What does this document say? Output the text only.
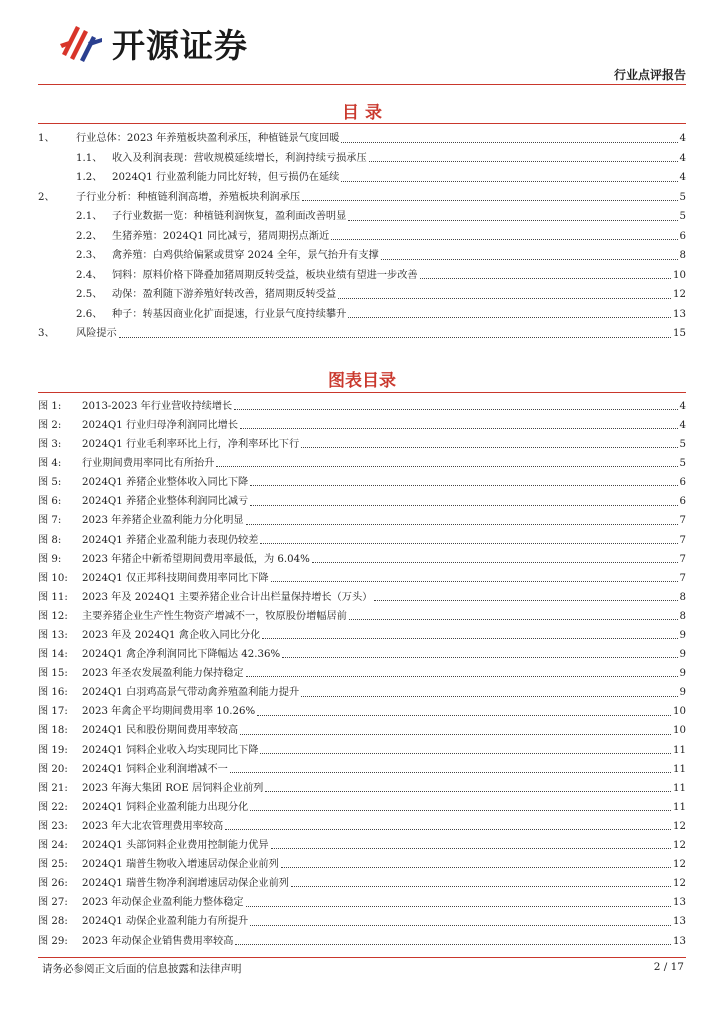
开源证券
行业点评报告
目 录
1、	行业总体：2023 年养殖板块盈利承压，种植链景气度回暖	4
1.1、 收入及利润表现：营收规模延续增长，利润持续亏损承压	4
1.2、 2024Q1 行业盈利能力同比好转，但亏损仍在延续	4
2、	子行业分析：种植链利润高增，养殖板块利润承压	5
2.1、 子行业数据一览：种植链利润恢复，盈利面改善明显	5
2.2、 生猪养殖：2024Q1 同比减亏，猪周期拐点渐近	6
2.3、 禽养殖：白鸡供给偏紧或贯穿 2024 全年，景气抬升有支撑	8
2.4、 饲料：原料价格下降叠加猪周期反转受益，板块业绩有望进一步改善	10
2.5、 动保：盈利随下游养殖好转改善，猪周期反转受益	12
2.6、 种子：转基因商业化扩面提速，行业景气度持续攀升	13
3、	风险提示	15
图表目录
图 1:	2013-2023 年行业营收持续增长	4
图 2:	2024Q1 行业归母净利润同比增长	4
图 3:	2024Q1 行业毛利率环比上行，净利率环比下行	5
图 4:	行业期间费用率同比有所抬升	5
图 5:	2024Q1 养猪企业整体收入同比下降	6
图 6:	2024Q1 养猪企业整体利润同比减亏	6
图 7:	2023 年养猪企业盈利能力分化明显	7
图 8:	2024Q1 养猪企业盈利能力表现仍较差	7
图 9:	2023 年猪企中新希望期间费用率最低，为 6.04%	7
图 10:	2024Q1 仅正邦科技期间费用率同比下降	7
图 11:	2023 年及 2024Q1 主要养猪企业合计出栏量保持增长（万头）	8
图 12:	主要养猪企业生产性生物资产增减不一，牧原股份增幅居前	8
图 13:	2023 年及 2024Q1 禽企收入同比分化	9
图 14:	2024Q1 禽企净利润同比下降幅达 42.36%	9
图 15:	2023 年圣农发展盈利能力保持稳定	9
图 16:	2024Q1 白羽鸡高景气带动禽养殖盈利能力提升	9
图 17:	2023 年禽企平均期间费用率 10.26%	10
图 18:	2024Q1 民和股份期间费用率较高	10
图 19:	2024Q1 饲料企业收入均实现同比下降	11
图 20:	2024Q1 饲料企业利润增减不一	11
图 21:	2023 年海大集团 ROE 居饲料企业前列	11
图 22:	2024Q1 饲料企业盈利能力出现分化	11
图 23:	2023 年大北农管理费用率较高	12
图 24:	2024Q1 头部饲料企业费用控制能力优异	12
图 25:	2024Q1 瑞普生物收入增速居动保企业前列	12
图 26:	2024Q1 瑞普生物净利润增速居动保企业前列	12
图 27:	2023 年动保企业盈利能力整体稳定	13
图 28:	2024Q1 动保企业盈利能力有所提升	13
图 29:	2023 年动保企业销售费用率较高	13
请务必参阅正文后面的信息披露和法律声明	2 / 17
